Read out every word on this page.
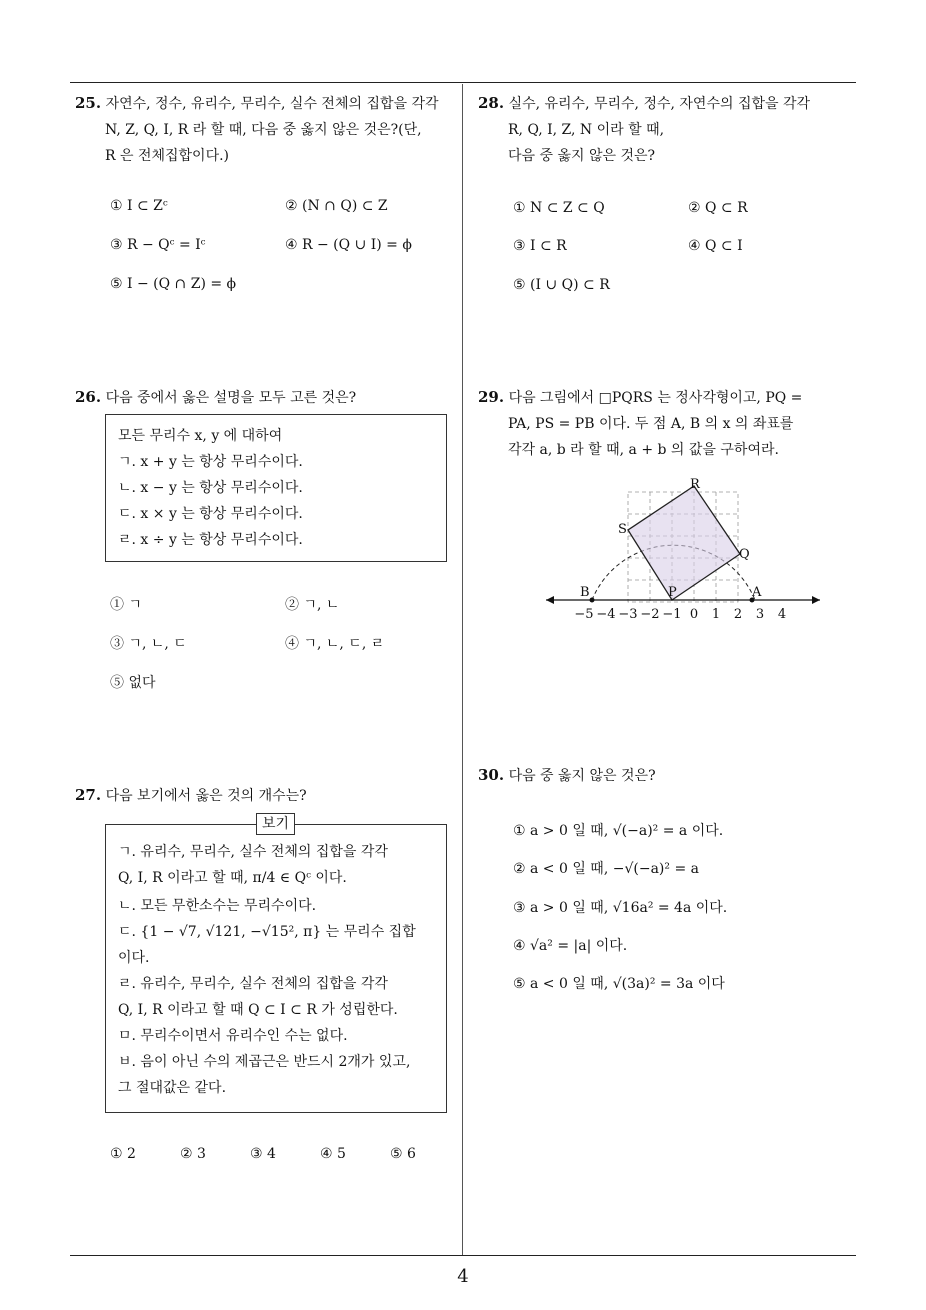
25. 자연수, 정수, 유리수, 무리수, 실수 전체의 집합을 각각
N, Z, Q, I, R 라 할 때, 다음 중 옳지 않은 것은?(단,
R 은 전체집합이다.)
① I ⊂ Zᶜ	② (N ∩ Q) ⊂ Z
③ R − Qᶜ = Iᶜ	④ R − (Q ∪ I) = ϕ
⑤ I − (Q ∩ Z) = ϕ
26. 다음 중에서 옳은 설명을 모두 고른 것은?
모든 무리수 x, y 에 대하여
ㄱ. x + y 는 항상 무리수이다.
ㄴ. x − y 는 항상 무리수이다.
ㄷ. x × y 는 항상 무리수이다.
ㄹ. x ÷ y 는 항상 무리수이다.
① ㄱ	② ㄱ, ㄴ
③ ㄱ, ㄴ, ㄷ	④ ㄱ, ㄴ, ㄷ, ㄹ
⑤ 없다
27. 다음 보기에서 옳은 것의 개수는?
보기
ㄱ. 유리수, 무리수, 실수 전체의 집합을 각각
Q, I, R 이라고 할 때, π/4 ∈ Qᶜ 이다.
ㄴ. 모든 무한소수는 무리수이다.
ㄷ. {1 − √7, √121, −√15², π} 는 무리수 집합
이다.
ㄹ. 유리수, 무리수, 실수 전체의 집합을 각각
Q, I, R 이라고 할 때 Q ⊂ I ⊂ R 가 성립한다.
ㅁ. 무리수이면서 유리수인 수는 없다.
ㅂ. 음이 아닌 수의 제곱근은 반드시 2개가 있고,
그 절대값은 같다.
① 2	② 3	③ 4	④ 5	⑤ 6
28. 실수, 유리수, 무리수, 정수, 자연수의 집합을 각각
R, Q, I, Z, N 이라 할 때,
다음 중 옳지 않은 것은?
① N ⊂ Z ⊂ Q	② Q ⊂ R
③ I ⊂ R	④ Q ⊂ I
⑤ (I ∪ Q) ⊂ R
29. 다음 그림에서 □PQRS 는 정사각형이고, PQ =
PA, PS = PB 이다. 두 점 A, B 의 x 의 좌표를
각각 a, b 라 할 때, a + b 의 값을 구하여라.
R
S
Q
P
B	A
−5 −4 −3 −2 −1 0 1 2 3 4
30. 다음 중 옳지 않은 것은?
① a > 0 일 때, √(−a)² = a 이다.
② a < 0 일 때, −√(−a)² = a
③ a > 0 일 때, √16a² = 4a 이다.
④ √a² = |a| 이다.
⑤ a < 0 일 때, √(3a)² = 3a 이다
4
